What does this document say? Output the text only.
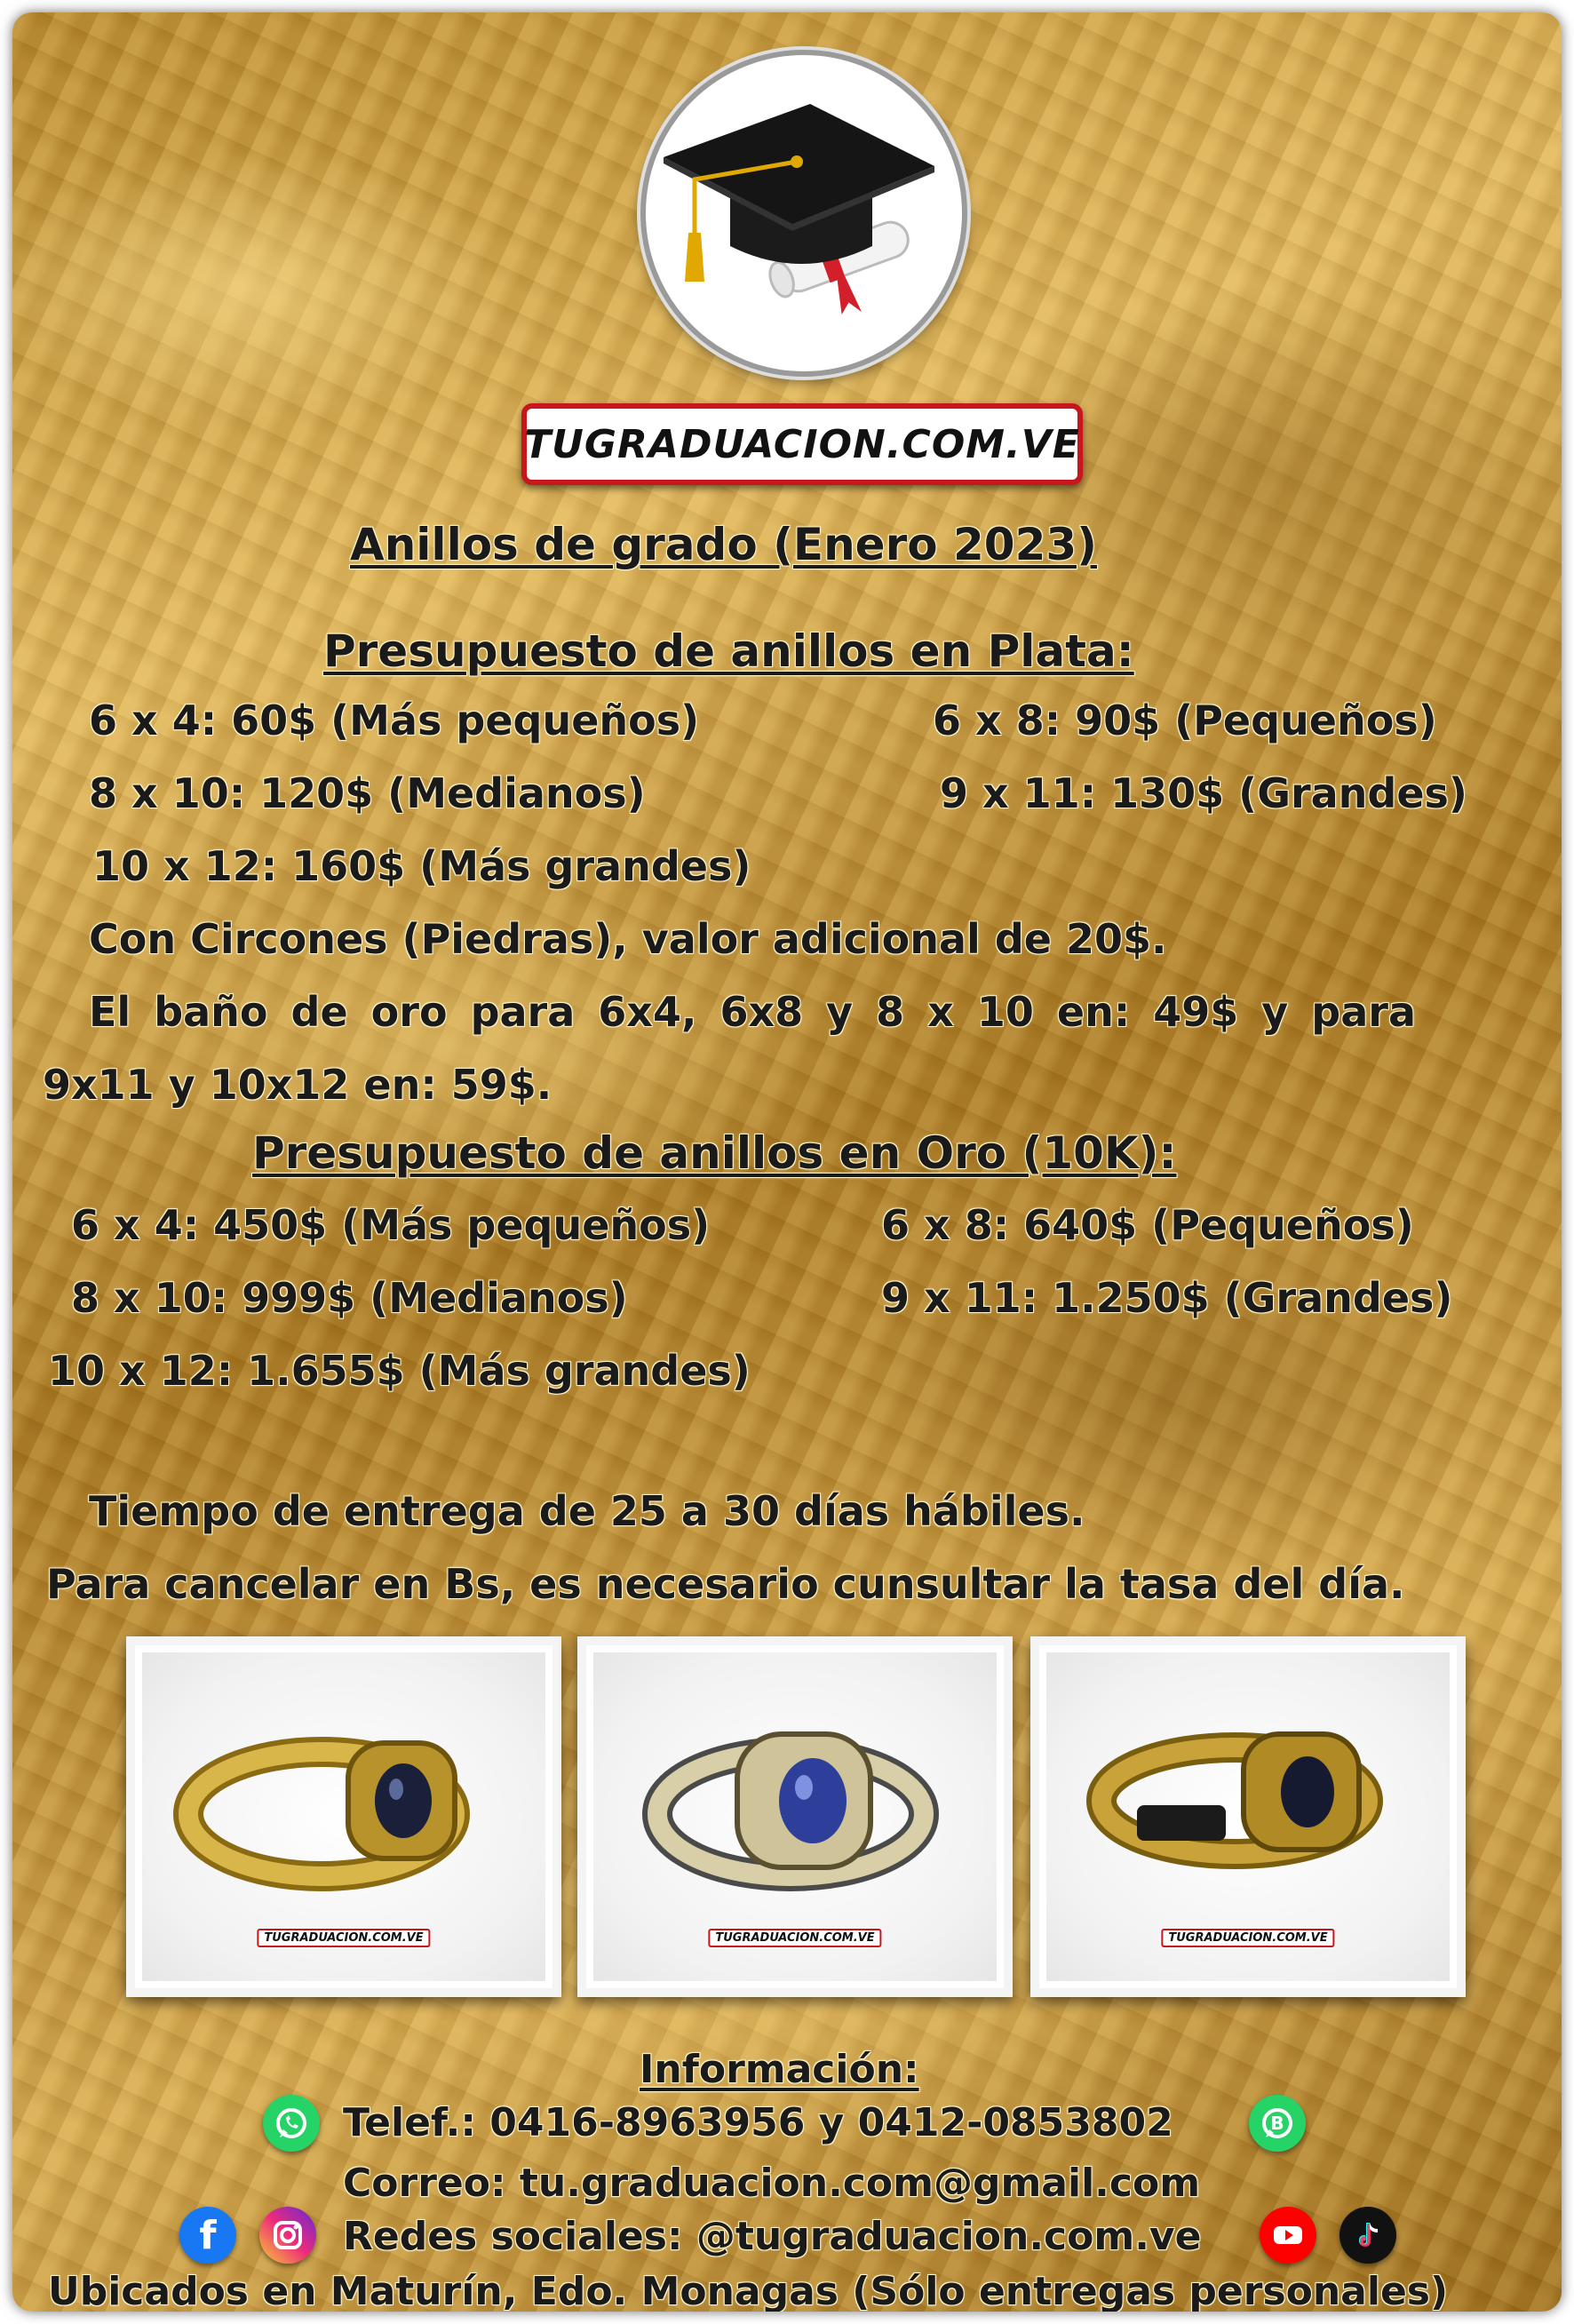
TUGRADUACION.COM.VE
Anillos de grado (Enero 2023)
Presupuesto de anillos en Plata:
6 x 4: 60$ (Más pequeños)	6 x 8: 90$ (Pequeños)
8 x 10: 120$ (Medianos)	9 x 11: 130$ (Grandes)
10 x 12: 160$ (Más grandes)
Con Circones (Piedras), valor adicional de 20$.
El baño de oro para 6x4, 6x8 y 8 x 10 en: 49$ y para
9x11 y 10x12 en: 59$.
Presupuesto de anillos en Oro (10K):
6 x 4: 450$ (Más pequeños)	6 x 8: 640$ (Pequeños)
8 x 10: 999$ (Medianos)	9 x 11: 1.250$ (Grandes)
10 x 12: 1.655$ (Más grandes)
Tiempo de entrega de 25 a 30 días hábiles.
Para cancelar en Bs, es necesario cunsultar la tasa del día.
TUGRADUACION.COM.VE	TUGRADUACION.COM.VE	TUGRADUACION.COM.VE
Información:
Telef.: 0416-8963956 y 0412-0853802	B
Correo: tu.graduacion.com@gmail.com
f	Redes sociales: @tugraduacion.com.ve
Ubicados en Maturín, Edo. Monagas (Sólo entregas personales)
